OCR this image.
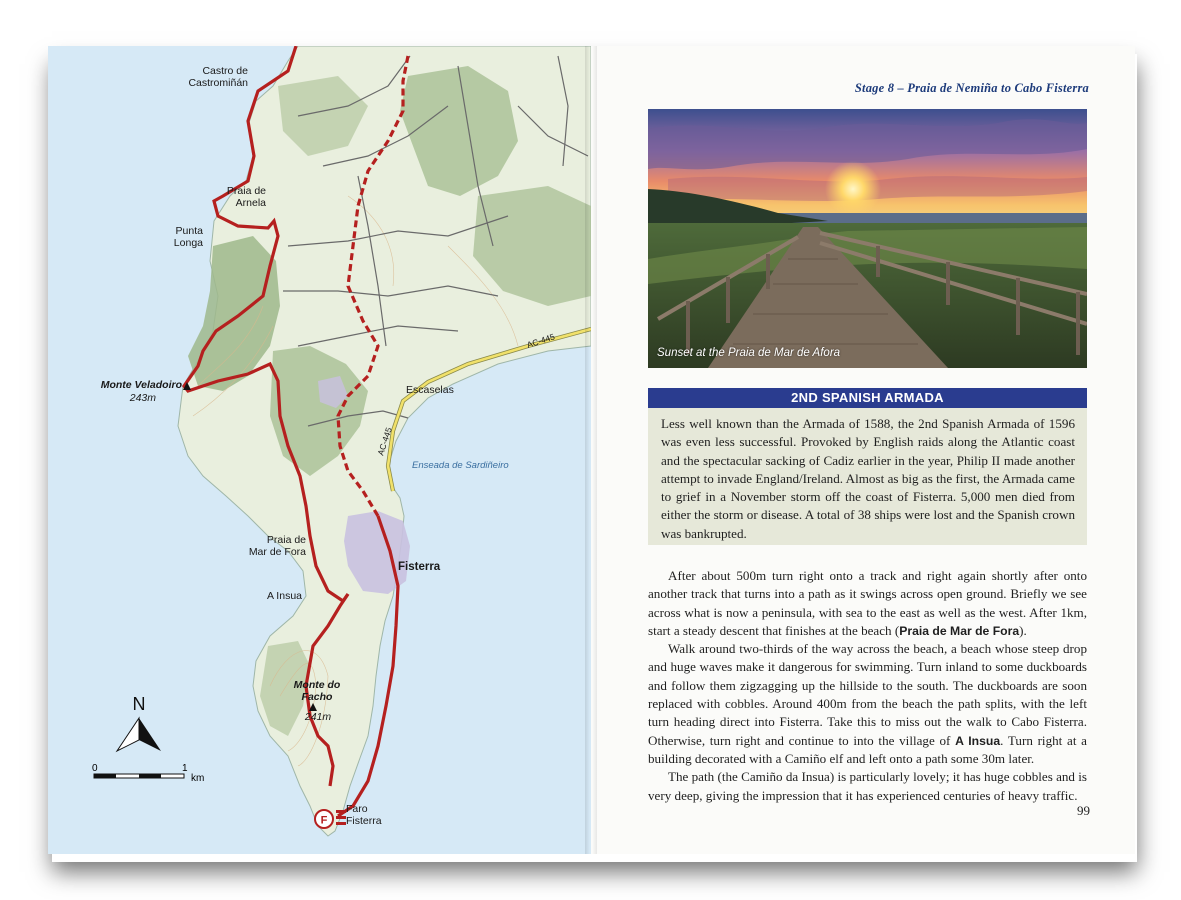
Castro de
Castromiñán
Praia de
Arnela
Punta
Longa
Monte Veladoiro
243m
Escaselas
Enseada de Sardiñeiro
Praia de
Mar de Fora
Fisterra
A Insua
Monte do
Facho
241m
Faro
Fisterra
AC-445
AC-445
F
N
0	1
km
Stage 8 – Praia de Nemiña to Cabo Fisterra
Sunset at the Praia de Mar de Afora
2ND SPANISH ARMADA
Less well known than the Armada of 1588, the 2nd Spanish Armada of 1596 was even less successful. Provoked by English raids along the Atlantic coast and the spectacular sacking of Cadiz earlier in the year, Philip II made another attempt to invade England/Ireland. Almost as big as the first, the Armada came to grief in a November storm off the coast of Fisterra. 5,000 men died from either the storm or disease. A total of 38 ships were lost and the Spanish crown was bankrupted.

After about 500m turn right onto a track and right again shortly after onto another track that turns into a path as it swings across open ground. Briefly we see across what is now a peninsula, with sea to the east as well as the west. After 1km, start a steady descent that finishes at the beach (Praia de Mar de Fora).

Walk around two-thirds of the way across the beach, a beach whose steep drop and huge waves make it dangerous for swimming. Turn inland to some duckboards and follow them zigzagging up the hillside to the south. The duckboards are soon replaced with cobbles. Around 400m from the beach the path splits, with the left turn heading direct into Fisterra. Take this to miss out the walk to Cabo Fisterra. Otherwise, turn right and continue to into the village of A Insua. Turn right at a building decorated with a Camiño elf and left onto a path some 30m later.

The path (the Camiño da Insua) is particularly lovely; it has huge cobbles and is very deep, giving the impression that it has experienced centuries of heavy traffic.

99
